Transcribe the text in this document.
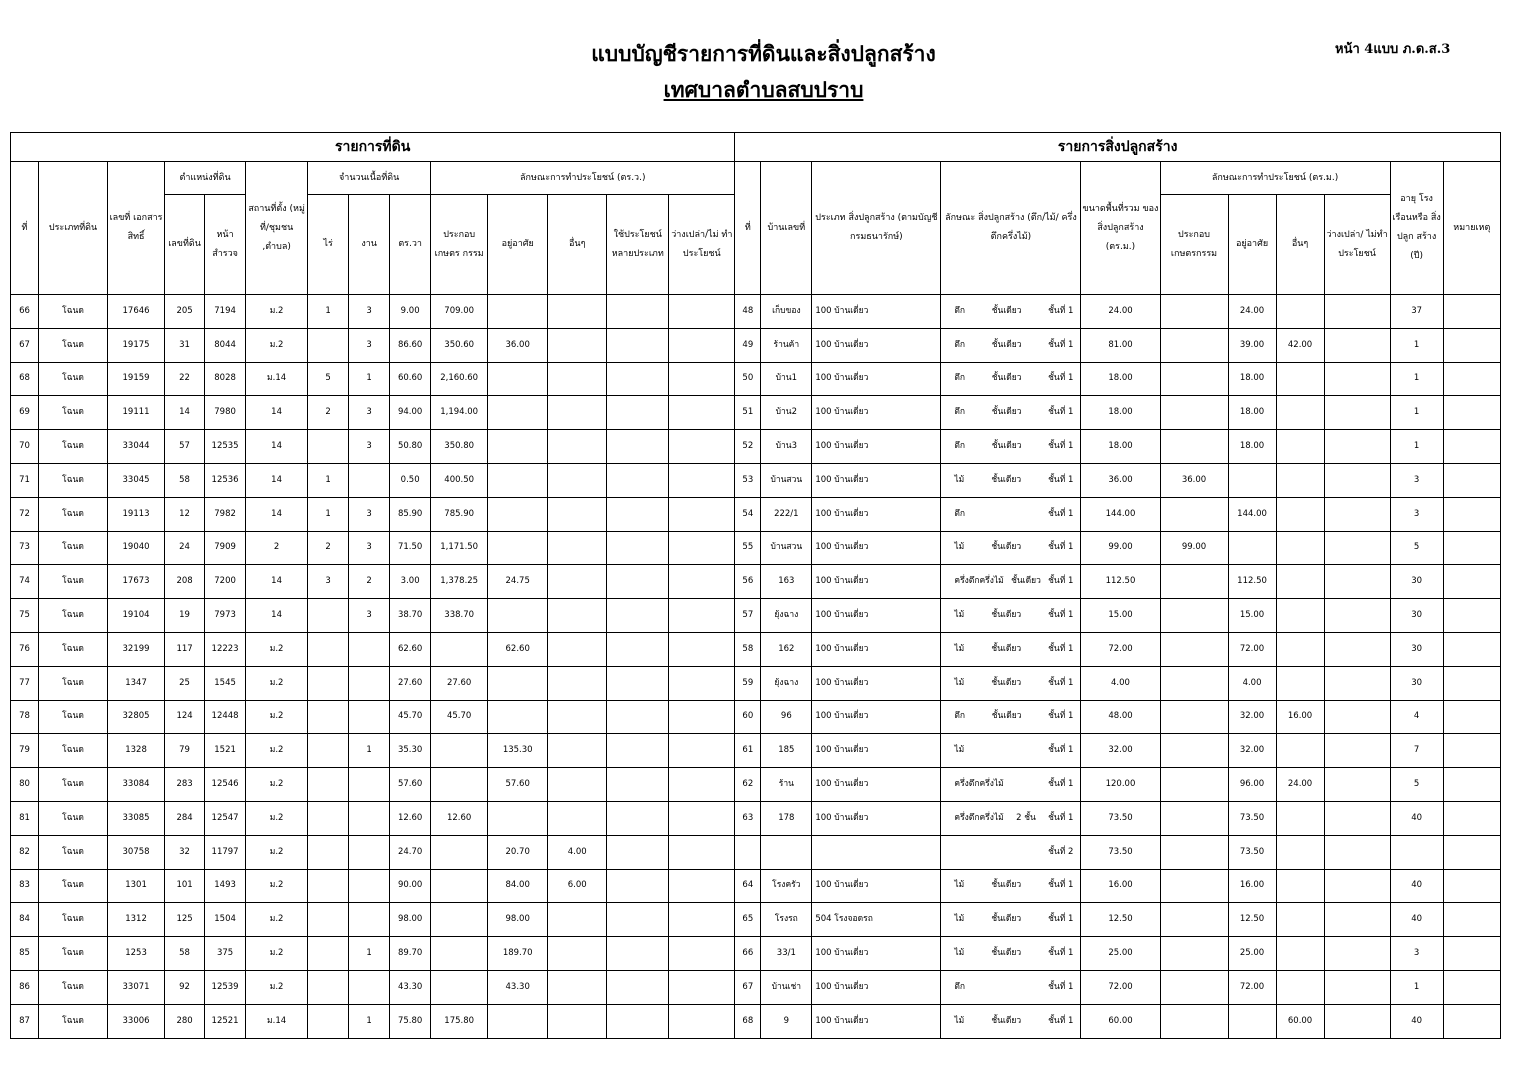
แบบบัญชีรายการที่ดินและสิ่งปลูกสร้าง
เทศบาลตำบลสบปราบ
หน้า 4แบบ ภ.ด.ส.3
รายการที่ดิน														รายการสิ่งปลูกสร้าง										
ที่	ประเภทที่ดิน	เลขที่ เอกสารสิทธิ์	ตำแหน่งที่ดิน		สถานที่ตั้ง (หมู่ที่/ชุมชน ,ตำบล)	จำนวนเนื้อที่ดิน			ลักษณะการทำประโยชน์ (ตร.ว.)					ที่	บ้านเลขที่	ประเภท สิ่งปลูกสร้าง (ตามบัญชีกรมธนารักษ์)	ลักษณะ สิ่งปลูกสร้าง (ตึก/ไม้/ ครึ่งตึกครึ่งไม้)	ขนาดพื้นที่รวม ของสิ่งปลูกสร้าง (ตร.ม.)	ลักษณะการทำประโยชน์ (ตร.ม.)				อายุ โรงเรือนหรือ สิ่งปลูก สร้าง (ปี)	หมายเหตุ
			เลขที่ดิน	หน้า สำรวจ		ไร่	งาน	ตร.วา	ประกอบ เกษตร กรรม	อยู่อาศัย	อื่นๆ	ใช้ประโยชน์ หลายประเภท	ว่างเปล่า/ไม่ ทำประโยชน์						ประกอบ เกษตรกรรม	อยู่อาศัย	อื่นๆ	ว่างเปล่า/ ไม่ทำประโยชน์		
66	โฉนด	17646	205	7194	ม.2	1	3	9.00	709.00					48	เก็บของ	100 บ้านเดี่ยว	ตึก ชั้นเดียว ชั้นที่ 1	24.00		24.00			37	
67	โฉนด	19175	31	8044	ม.2		3	86.60	350.60	36.00				49	ร้านค้า	100 บ้านเดี่ยว	ตึก ชั้นเดียว ชั้นที่ 1	81.00		39.00	42.00		1	
68	โฉนด	19159	22	8028	ม.14	5	1	60.60	2,160.60					50	บ้าน1	100 บ้านเดี่ยว	ตึก ชั้นเดียว ชั้นที่ 1	18.00		18.00			1	
69	โฉนด	19111	14	7980	14	2	3	94.00	1,194.00					51	บ้าน2	100 บ้านเดี่ยว	ตึก ชั้นเดียว ชั้นที่ 1	18.00		18.00			1	
70	โฉนด	33044	57	12535	14		3	50.80	350.80					52	บ้าน3	100 บ้านเดี่ยว	ตึก ชั้นเดียว ชั้นที่ 1	18.00		18.00			1	
71	โฉนด	33045	58	12536	14	1		0.50	400.50					53	บ้านสวน	100 บ้านเดี่ยว	ไม้ ชั้นเดียว ชั้นที่ 1	36.00	36.00				3	
72	โฉนด	19113	12	7982	14	1	3	85.90	785.90					54	222/1	100 บ้านเดี่ยว	ตึก ชั้นที่ 1	144.00		144.00			3	
73	โฉนด	19040	24	7909	2	2	3	71.50	1,171.50					55	บ้านสวน	100 บ้านเดี่ยว	ไม้ ชั้นเดียว ชั้นที่ 1	99.00	99.00				5	
74	โฉนด	17673	208	7200	14	3	2	3.00	1,378.25	24.75				56	163	100 บ้านเดี่ยว	ครึ่งตึกครึ่งไม้ ชั้นเดียว ชั้นที่ 1	112.50		112.50			30	
75	โฉนด	19104	19	7973	14		3	38.70	338.70					57	ยุ้งฉาง	100 บ้านเดี่ยว	ไม้ ชั้นเดียว ชั้นที่ 1	15.00		15.00			30	
76	โฉนด	32199	117	12223	ม.2			62.60		62.60				58	162	100 บ้านเดี่ยว	ไม้ ชั้นเดียว ชั้นที่ 1	72.00		72.00			30	
77	โฉนด	1347	25	1545	ม.2			27.60	27.60					59	ยุ้งฉาง	100 บ้านเดี่ยว	ไม้ ชั้นเดียว ชั้นที่ 1	4.00		4.00			30	
78	โฉนด	32805	124	12448	ม.2			45.70	45.70					60	96	100 บ้านเดี่ยว	ตึก ชั้นเดียว ชั้นที่ 1	48.00		32.00	16.00		4	
79	โฉนด	1328	79	1521	ม.2		1	35.30		135.30				61	185	100 บ้านเดี่ยว	ไม้ ชั้นที่ 1	32.00		32.00			7	
80	โฉนด	33084	283	12546	ม.2			57.60		57.60				62	ร้าน	100 บ้านเดี่ยว	ครึ่งตึกครึ่งไม้ ชั้นที่ 1	120.00		96.00	24.00		5	
81	โฉนด	33085	284	12547	ม.2			12.60	12.60					63	178	100 บ้านเดี่ยว	ครึ่งตึกครึ่งไม้ 2 ชั้น ชั้นที่ 1	73.50		73.50			40	
82	โฉนด	30758	32	11797	ม.2			24.70		20.70	4.00						ชั้นที่ 2	73.50		73.50				
83	โฉนด	1301	101	1493	ม.2			90.00		84.00	6.00			64	โรงครัว	100 บ้านเดี่ยว	ไม้ ชั้นเดียว ชั้นที่ 1	16.00		16.00			40	
84	โฉนด	1312	125	1504	ม.2			98.00		98.00				65	โรงรถ	504 โรงจอดรถ	ไม้ ชั้นเดียว ชั้นที่ 1	12.50		12.50			40	
85	โฉนด	1253	58	375	ม.2		1	89.70		189.70				66	33/1	100 บ้านเดี่ยว	ไม้ ชั้นเดียว ชั้นที่ 1	25.00		25.00			3	
86	โฉนด	33071	92	12539	ม.2			43.30		43.30				67	บ้านเช่า	100 บ้านเดี่ยว	ตึก ชั้นที่ 1	72.00		72.00			1	
87	โฉนด	33006	280	12521	ม.14		1	75.80	175.80					68	9	100 บ้านเดี่ยว	ไม้ ชั้นเดียว ชั้นที่ 1	60.00			60.00		40	
